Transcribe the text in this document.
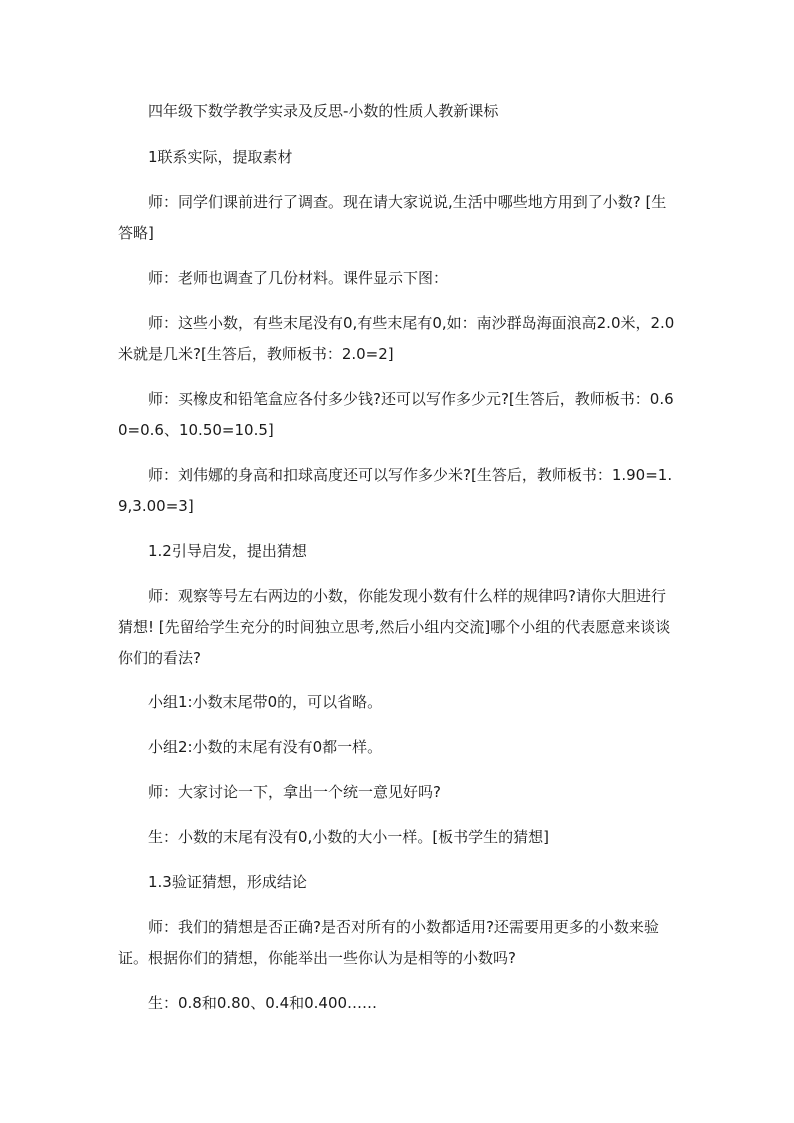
四年级下数学教学实录及反思-小数的性质人教新课标

1联系实际，提取素材

师：同学们课前进行了调查。现在请大家说说,生活中哪些地方用到了小数? [生答略]

师：老师也调查了几份材料。课件显示下图：

师：这些小数，有些末尾没有0,有些末尾有0,如：南沙群岛海面浪高2.0米，2.0米就是几米?[生答后，教师板书：2.0=2]

师：买橡皮和铅笔盒应各付多少钱?还可以写作多少元?[生答后，教师板书：0.60=0.6、10.50=10.5]

师：刘伟娜的身高和扣球高度还可以写作多少米?[生答后，教师板书：1.90=1.9,3.00=3]

1.2引导启发，提出猜想

师：观察等号左右两边的小数，你能发现小数有什么样的规律吗?请你大胆进行猜想! [先留给学生充分的时间独立思考,然后小组内交流]哪个小组的代表愿意来谈谈你们的看法?

小组1:小数末尾带0的，可以省略。

小组2:小数的末尾有没有0都一样。

师：大家讨论一下，拿出一个统一意见好吗?

生：小数的末尾有没有0,小数的大小一样。[板书学生的猜想]

1.3验证猜想，形成结论

师：我们的猜想是否正确?是否对所有的小数都适用?还需要用更多的小数来验证。根据你们的猜想，你能举出一些你认为是相等的小数吗?

生：0.8和0.80、0.4和0.400……
